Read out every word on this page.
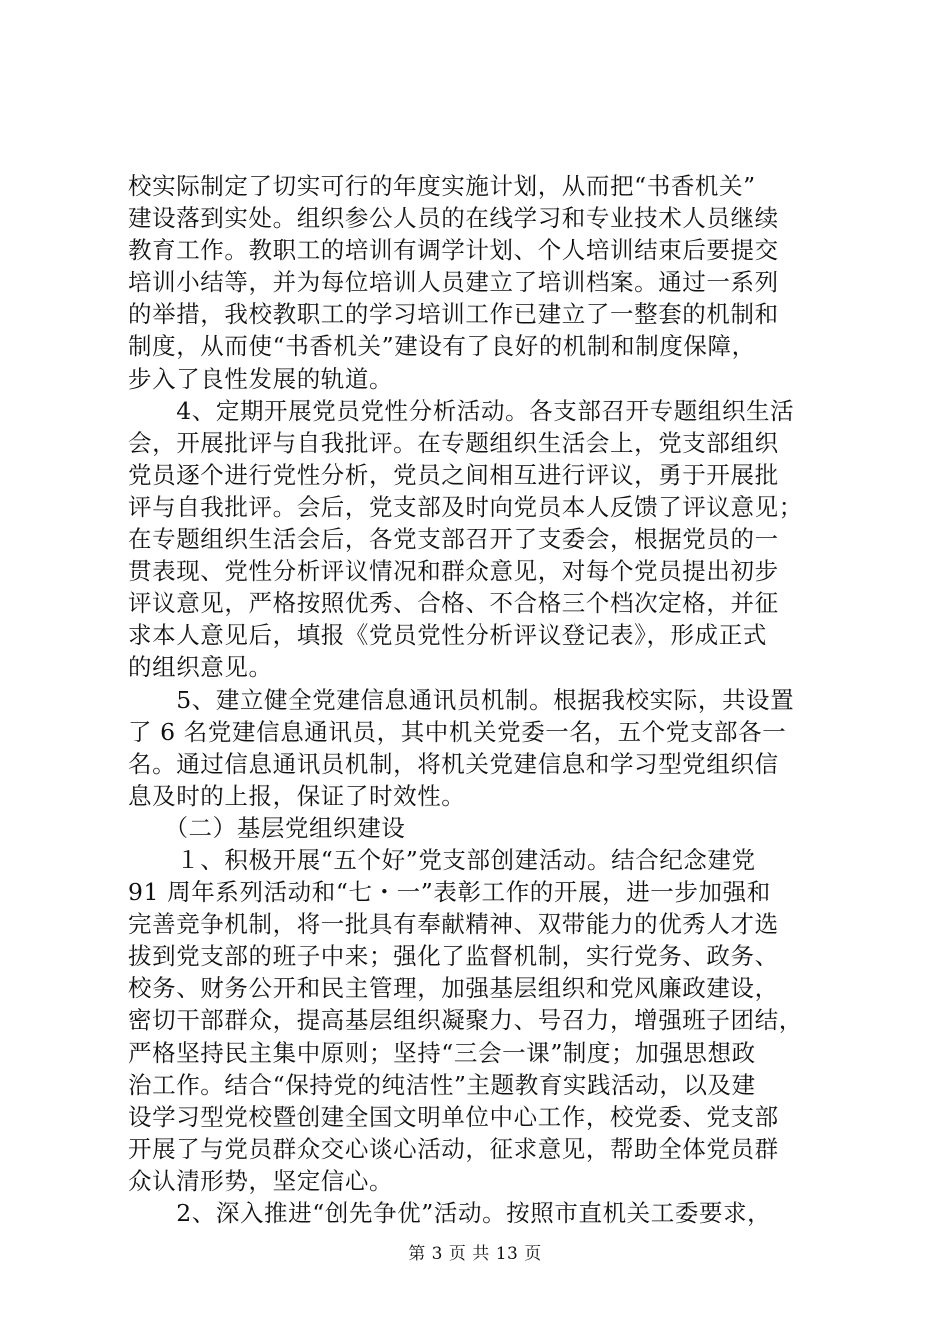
校实际制定了切实可行的年度实施计划，从而把“书香机关”
建设落到实处。组织参公人员的在线学习和专业技术人员继续
教育工作。教职工的培训有调学计划、个人培训结束后要提交
培训小结等，并为每位培训人员建立了培训档案。通过一系列
的举措，我校教职工的学习培训工作已建立了一整套的机制和
制度，从而使“书香机关”建设有了良好的机制和制度保障，
步入了良性发展的轨道。
　　4、定期开展党员党性分析活动。各支部召开专题组织生活
会，开展批评与自我批评。在专题组织生活会上，党支部组织
党员逐个进行党性分析，党员之间相互进行评议，勇于开展批
评与自我批评。会后，党支部及时向党员本人反馈了评议意见；
在专题组织生活会后，各党支部召开了支委会，根据党员的一
贯表现、党性分析评议情况和群众意见，对每个党员提出初步
评议意见，严格按照优秀、合格、不合格三个档次定格，并征
求本人意见后，填报《党员党性分析评议登记表》，形成正式
的组织意见。
　　5、建立健全党建信息通讯员机制。根据我校实际，共设置
了 6 名党建信息通讯员，其中机关党委一名，五个党支部各一
名。通过信息通讯员机制，将机关党建信息和学习型党组织信
息及时的上报，保证了时效性。
　　（二）基层党组织建设
　　１、积极开展“五个好”党支部创建活动。结合纪念建党
91 周年系列活动和“七・一”表彰工作的开展，进一步加强和
完善竞争机制，将一批具有奉献精神、双带能力的优秀人才选
拔到党支部的班子中来；强化了监督机制，实行党务、政务、
校务、财务公开和民主管理，加强基层组织和党风廉政建设，
密切干部群众，提高基层组织凝聚力、号召力，增强班子团结，
严格坚持民主集中原则；坚持“三会一课”制度；加强思想政
治工作。结合“保持党的纯洁性”主题教育实践活动，以及建
设学习型党校暨创建全国文明单位中心工作，校党委、党支部
开展了与党员群众交心谈心活动，征求意见，帮助全体党员群
众认清形势，坚定信心。
　　2、深入推进“创先争优”活动。按照市直机关工委要求，
第 3 页 共 13 页
